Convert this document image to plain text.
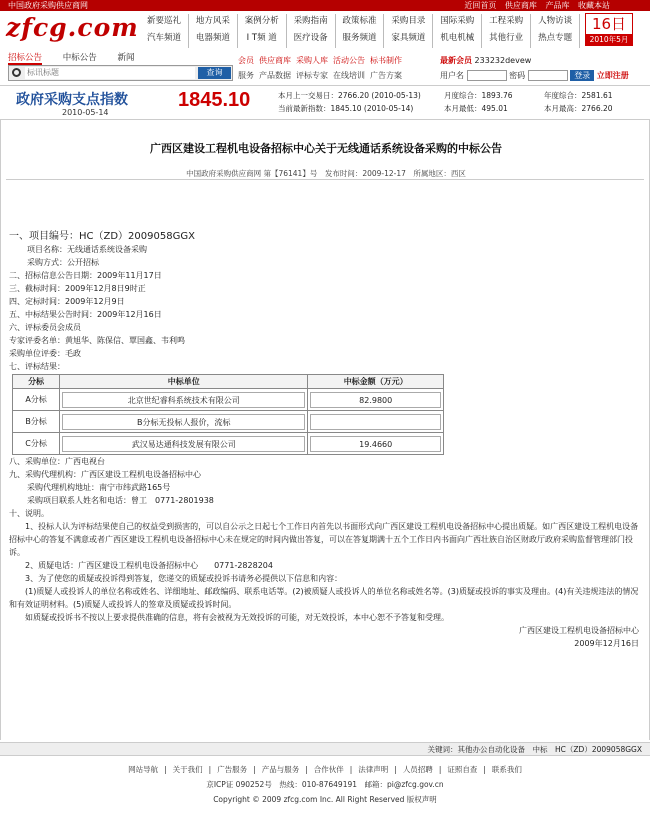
中国政府采购供应商网	近回首页 供应商库 产品库 收藏本站
zfcg.com 新要巡礼	地方风采	案例分析	采购指南	政策标准	采购目录	国际采购	工程采购	人物访谈
汽车频道	电器频道	I T频 道	医疗设备	服务频道	家具频道	机电机械	其他行业	热点专题
16日
2010年5月
招标公告 中标公告 新闻
标讯标题
查询
会员 供应商库 采购人库 活动公告 标书制作
服务 产品数据 评标专家 在线培训 广告方案
最新会员 233232devew
用户名	密码	登录 立即注册
政府采购支点指数
2010-05-14
1845.10	本月上一交易日：2766.20 (2010-05-13)
当前最新指数：1845.10 (2010-05-14)
月度综合：1893.76
本月最低：495.01
年度综合：2581.61
本月最高：2766.20
广西区建设工程机电设备招标中心关于无线通话系统设备采购的中标公告
中国政府采购供应商网 第【76141】号　发布时间：2009-12-17　所属地区：西区
一、项目编号：HC（ZD）2009058GGX
项目名称：无线通话系统设备采购
采购方式：公开招标
二、招标信息公告日期：2009年11月17日
三、截标时间：2009年12月8日9时正
四、定标时间：2009年12月9日
五、中标结果公告时间：2009年12月16日
六、评标委员会成员
专家评委名单：黄旭华、陈保信、覃国鑫、韦利鸣
采购单位评委：毛政
七、评标结果：
分标	中标单位	中标金额（万元）

A分标	北京世纪睿科系统技术有限公司	82.9800

B分标	B分标无投标人报价，流标	

C分标	武汉易达通科技发展有限公司	19.4660
八、采购单位：广西电视台
九、采购代理机构：广西区建设工程机电设备招标中心
采购代理机构地址：南宁市纬武路165号
采购项目联系人姓名和电话：曾工　0771-2801938
十、说明。
　　1、投标人认为评标结果使自己的权益受到损害的，可以自公示之日起七个工作日内首先以书面形式向广西区建设工程机电设备招标中心提出质疑。如广西区建设工程机电设备招标中心的答复不满意或者广西区建设工程机电设备招标中心未在规定的时间内做出答复，可以在答复期满十五个工作日内书面向广西壮族自治区财政厅政府采购监督管理部门投诉。
　　2、质疑电话：广西区建设工程机电设备招标中心　　0771-2828204
　　3、为了使您的质疑或投诉得到答复，您递交的质疑或投诉书请务必提供以下信息和内容：
　　(1)质疑人或投诉人的单位名称或姓名、详细地址、邮政编码、联系电话等。(2)被质疑人或投诉人的单位名称或姓名等。(3)质疑或投诉的事实及理由。(4)有关违规违法的情况和有效证明材料。(5)质疑人或投诉人的签章及质疑或投诉时间。
　　如质疑或投诉书不按以上要求提供准确的信息，将有会被视为无效投诉的可能，对无效投诉，本中心恕不予答复和受理。
广西区建设工程机电设备招标中心
2009年12月16日
关键词：其他办公自动化设备　中标　HC（ZD）2009058GGX
网站导航 | 关于我们 | 广告服务 | 产品与服务 | 合作伙伴 | 法律声明 | 人员招聘 | 证照自查 | 联系我们
京ICP证 090252号　热线：010-87649191　邮箱：pi@zfcg.gov.cn
Copyright © 2009 zfcg.com Inc. All Right Reserved 版权声明
